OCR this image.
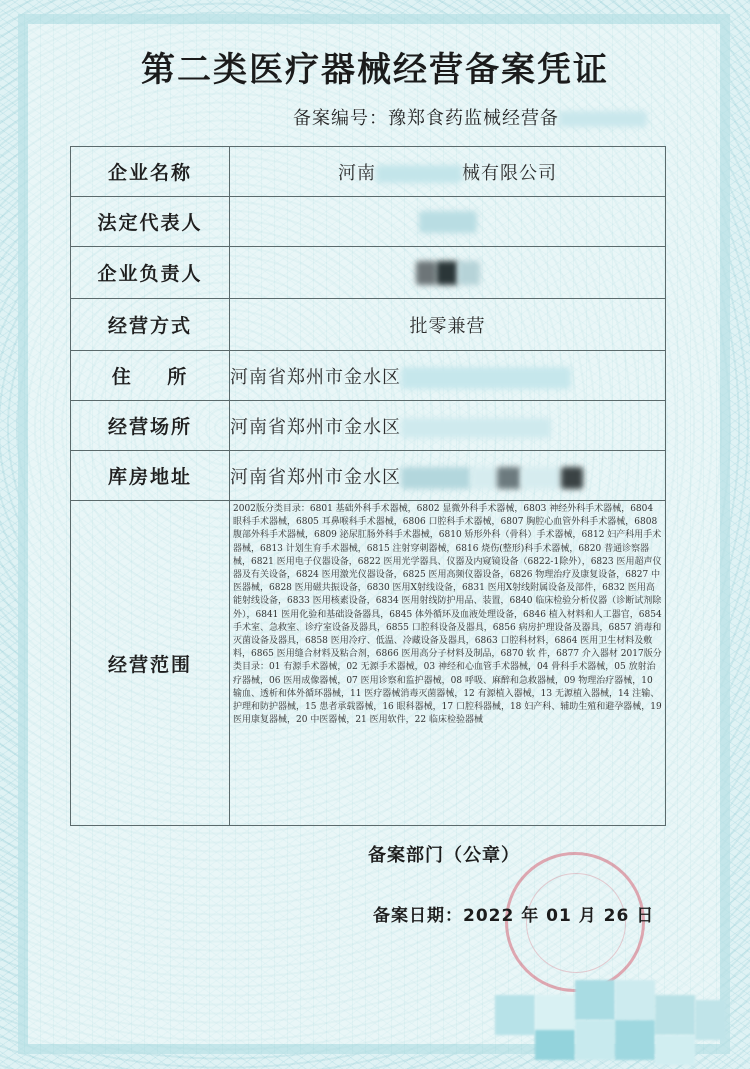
第二类医疗器械经营备案凭证
备案编号：豫郑食药监械经营备
企业名称	河南 械有限公司
法定代表人	
企业负责人	
经营方式	批零兼营
住    所	河南省郑州市金水区
经营场所	河南省郑州市金水区
库房地址	河南省郑州市金水区
经营范围	2002版分类目录：6801 基础外科手术器械，6802 显微外科手术器械，6803 神经外科手术器械，6804 眼科手术器械，6805 耳鼻喉科手术器械，6806 口腔科手术器械，6807 胸腔心血管外科手术器械，6808 腹部外科手术器械，6809 泌尿肛肠外科手术器械，6810 矫形外科（骨科）手术器械，6812 妇产科用手术器械，6813 计划生育手术器械，6815 注射穿刺器械，6816 烧伤(整形)科手术器械，6820 普通诊察器械，6821 医用电子仪器设备，6822 医用光学器具、仪器及内窥镜设备（6822-1除外），6823 医用超声仪器及有关设备，6824 医用激光仪器设备，6825 医用高频仪器设备，6826 物理治疗及康复设备，6827 中医器械，6828 医用磁共振设备，6830 医用X射线设备，6831 医用X射线附属设备及部件，6832 医用高能射线设备，6833 医用核素设备，6834 医用射线防护用品、装置，6840 临床检验分析仪器（诊断试剂除外），6841 医用化验和基础设备器具，6845 体外循环及血液处理设备，6846 植入材料和人工器官，6854 手术室、急救室、诊疗室设备及器具，6855 口腔科设备及器具，6856 病房护理设备及器具，6857 消毒和灭菌设备及器具，6858 医用冷疗、低温、冷藏设备及器具，6863 口腔科材料，6864 医用卫生材料及敷料，6865 医用缝合材料及粘合剂，6866 医用高分子材料及制品，6870 软 件，6877 介入器材 2017版分类目录：01 有源手术器械，02 无源手术器械，03 神经和心血管手术器械，04 骨科手术器械，05 放射治疗器械，06 医用成像器械，07 医用诊察和监护器械，08 呼吸、麻醉和急救器械，09 物理治疗器械，10 输血、透析和体外循环器械，11 医疗器械消毒灭菌器械，12 有源植入器械，13 无源植入器械，14 注输、护理和防护器械，15 患者承载器械，16 眼科器械，17 口腔科器械，18 妇产科、辅助生殖和避孕器械，19 医用康复器械，20 中医器械，21 医用软件，22 临床检验器械
备案部门（公章）
备案日期：2022 年 01 月 26 日
